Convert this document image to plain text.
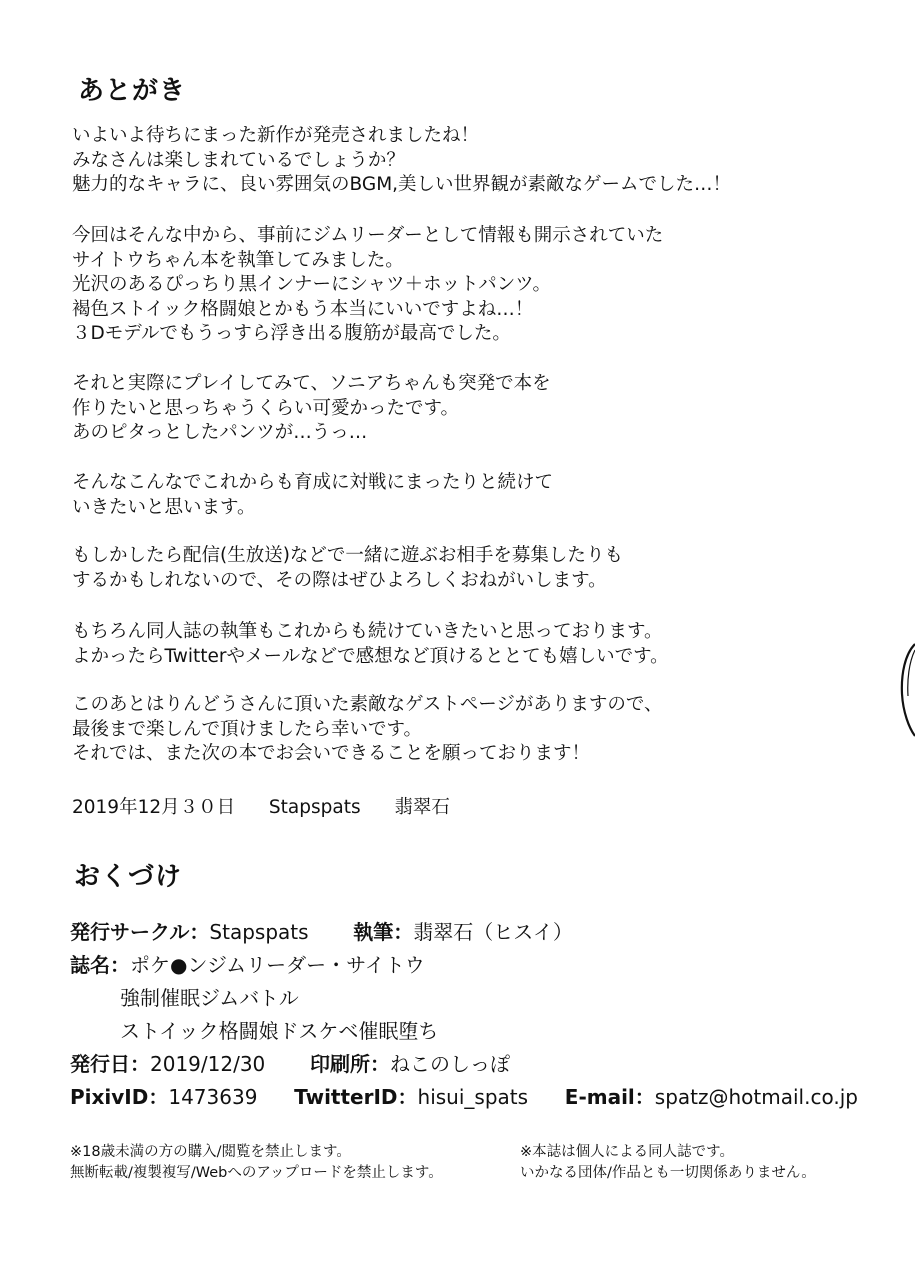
あとがき
いよいよ待ちにまった新作が発売されましたね！
みなさんは楽しまれているでしょうか？
魅力的なキャラに、良い雰囲気のBGM,美しい世界観が素敵なゲームでした…！
今回はそんな中から、事前にジムリーダーとして情報も開示されていた
サイトウちゃん本を執筆してみました。
光沢のあるぴっちり黒インナーにシャツ＋ホットパンツ。
褐色ストイック格闘娘とかもう本当にいいですよね…！
３Dモデルでもうっすら浮き出る腹筋が最高でした。
それと実際にプレイしてみて、ソニアちゃんも突発で本を
作りたいと思っちゃうくらい可愛かったです。
あのピタっとしたパンツが…うっ…
そんなこんなでこれからも育成に対戦にまったりと続けて
いきたいと思います。
もしかしたら配信(生放送)などで一緒に遊ぶお相手を募集したりも
するかもしれないので、その際はぜひよろしくおねがいします。
もちろん同人誌の執筆もこれからも続けていきたいと思っております。
よかったらTwitterやメールなどで感想など頂けるととても嬉しいです。
このあとはりんどうさんに頂いた素敵なゲストページがありますので、
最後まで楽しんで頂けましたら幸いです。
それでは、また次の本でお会いできることを願っております！
2019年12月３０日 Stapspats 翡翠石
おくづけ
発行サークル：Stapspats 執筆：翡翠石（ヒスイ）
誌名：ポケ●ンジムリーダー・サイトウ
強制催眠ジムバトル
ストイック格闘娘ドスケベ催眠堕ち
発行日：2019/12/30 印刷所：ねこのしっぽ
PixivID：1473639 TwitterID：hisui_spats E-mail：spatz@hotmail.co.jp
※18歳未満の方の購入/閲覧を禁止します。
無断転載/複製複写/Webへのアップロードを禁止します。
※本誌は個人による同人誌です。
いかなる団体/作品とも一切関係ありません。
